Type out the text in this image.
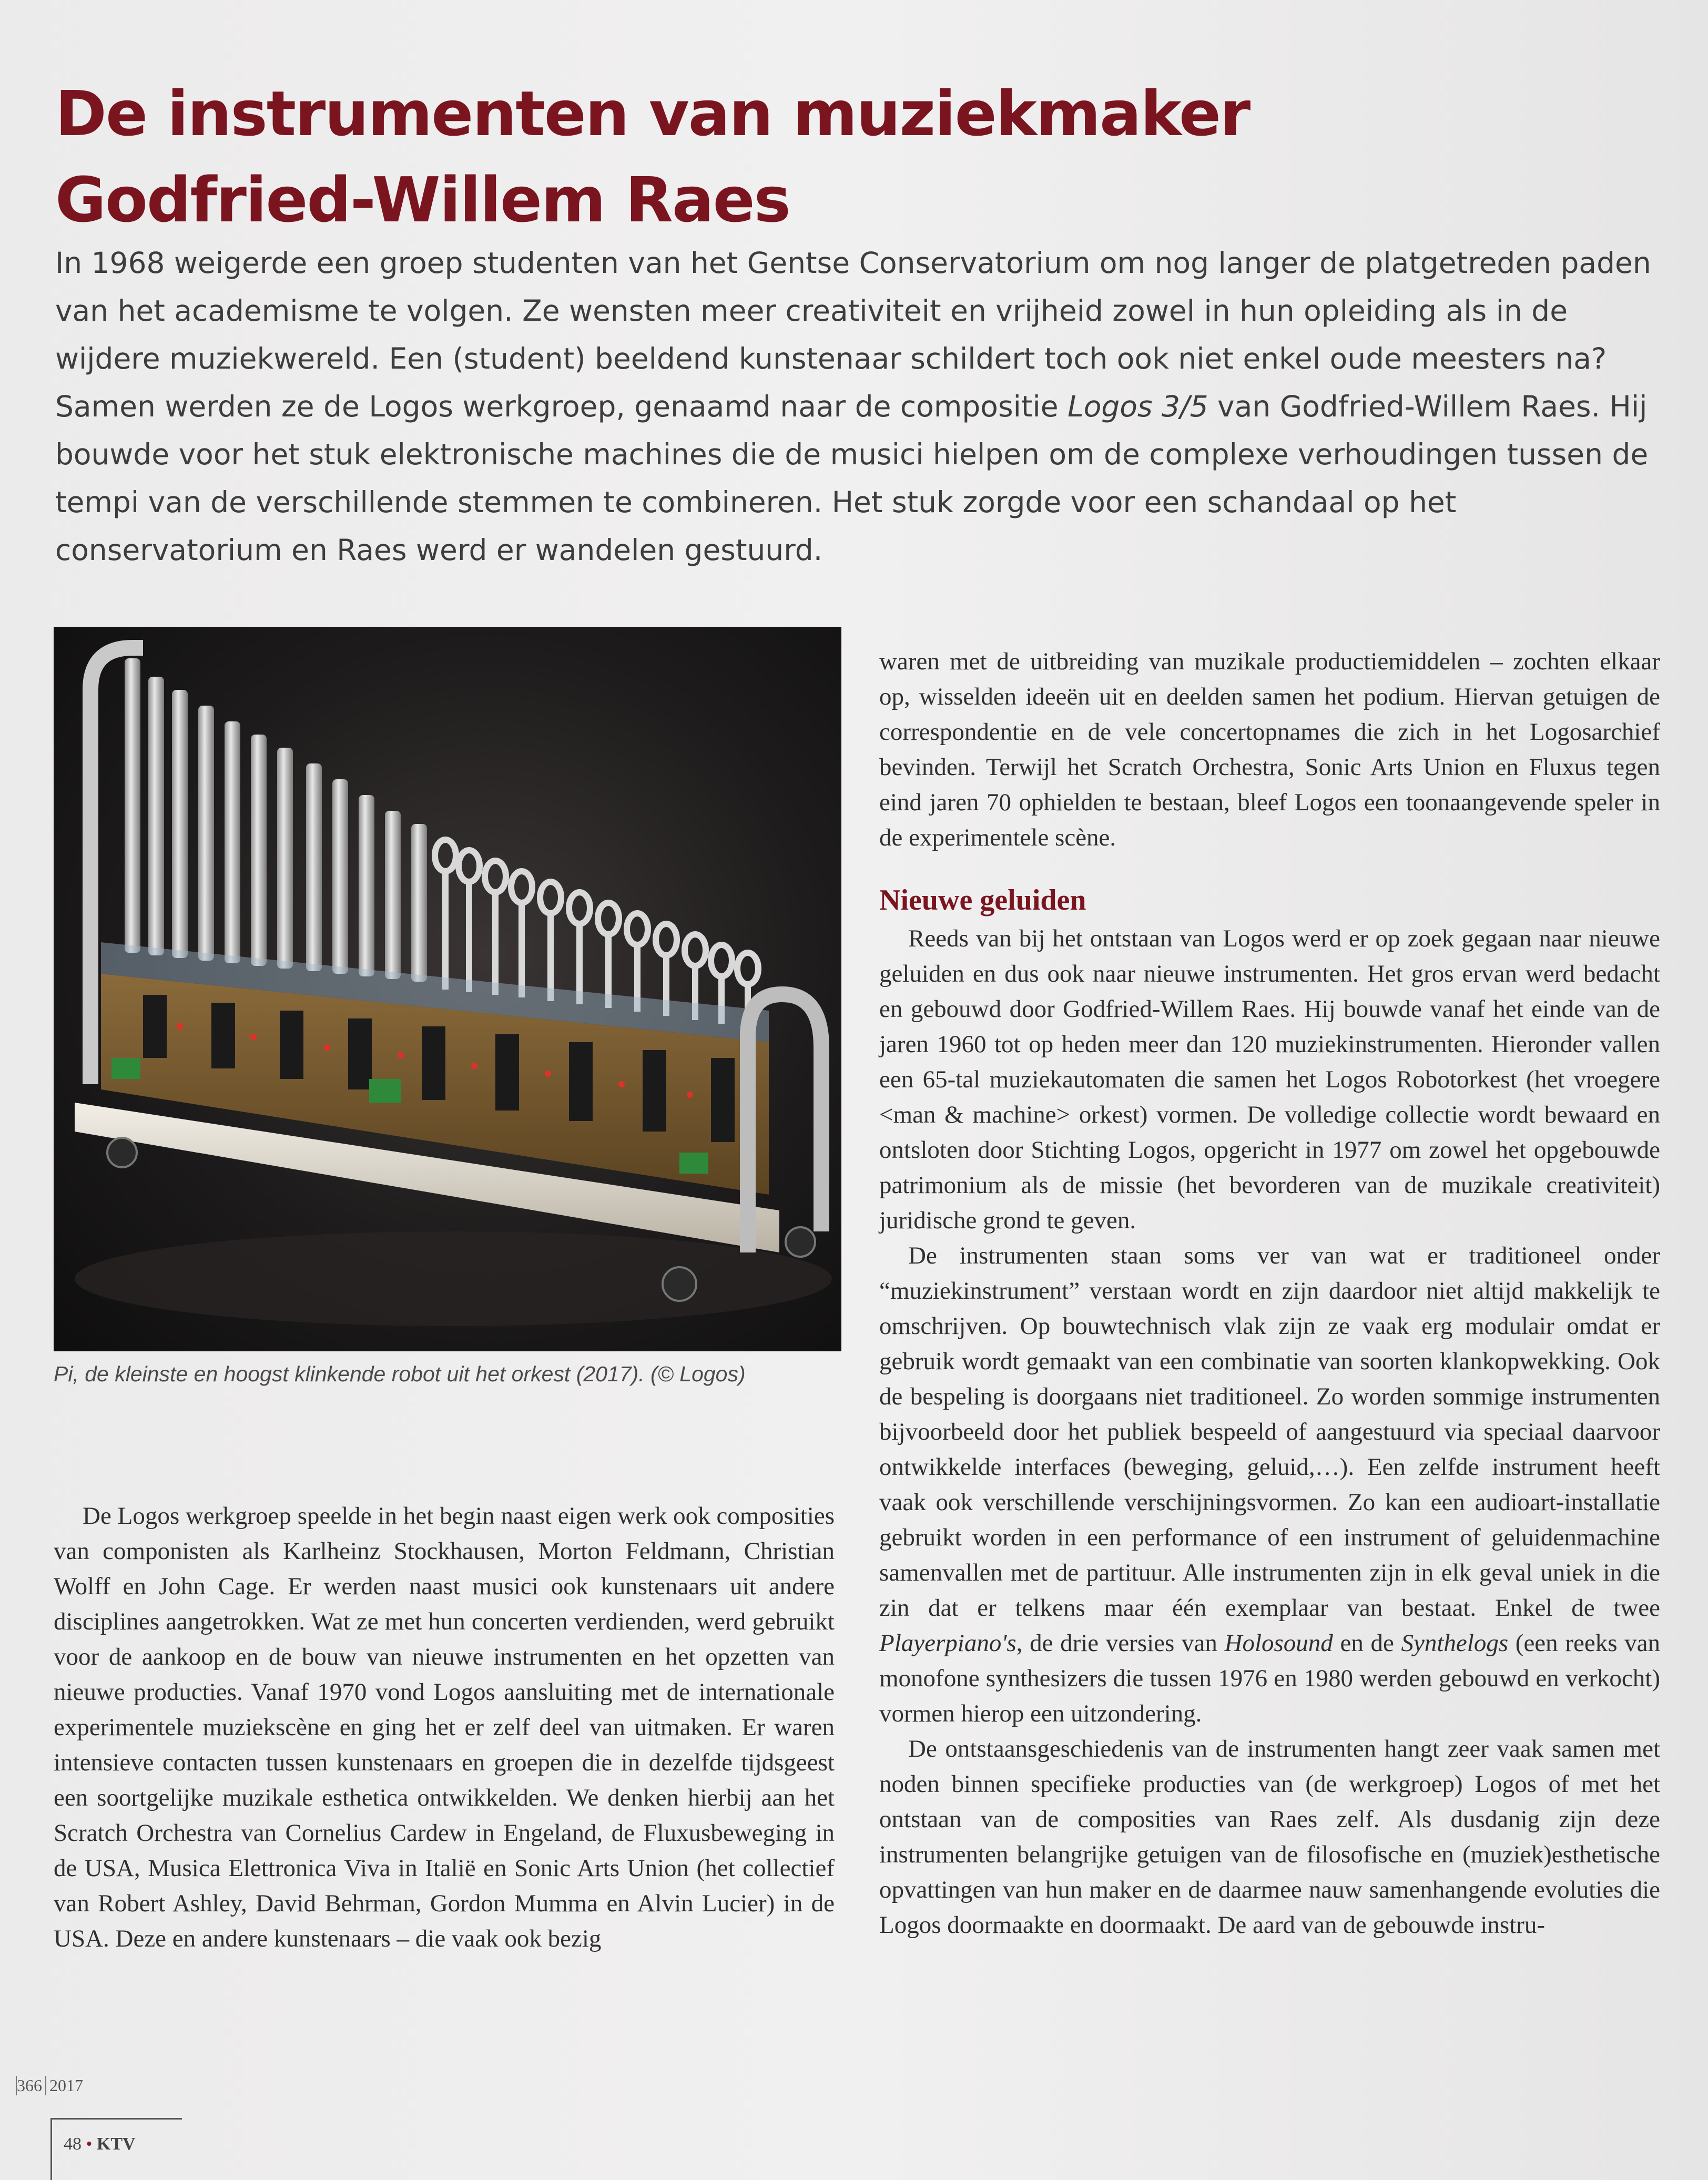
De instrumenten van muziekmaker
Godfried-Willem Raes
In 1968 weigerde een groep studenten van het Gentse Conservatorium om nog langer de platgetreden paden van het academisme te volgen. Ze wensten meer creativiteit en vrijheid zowel in hun opleiding als in de wijdere muziekwereld. Een (student) beeldend kunstenaar schildert toch ook niet enkel oude meesters na? Samen werden ze de Logos werkgroep, genaamd naar de compositie Logos 3/5 van Godfried-Willem Raes. Hij bouwde voor het stuk elektronische machines die de musici hielpen om de complexe verhoudingen tussen de tempi van de verschillende stemmen te combineren. Het stuk zorgde voor een schandaal op het conservatorium en Raes werd er wandelen gestuurd.
Pi, de kleinste en hoogst klinkende robot uit het orkest (2017). (© Logos)

De Logos werkgroep speelde in het begin naast eigen werk ook composities van componisten als Karlheinz Stockhausen, Morton Feldmann, Christian Wolff en John Cage. Er werden naast musici ook kunstenaars uit andere disciplines aangetrokken. Wat ze met hun concerten verdienden, werd gebruikt voor de aankoop en de bouw van nieuwe instrumenten en het opzetten van nieuwe producties. Vanaf 1970 vond Logos aansluiting met de internationale experimentele muziekscène en ging het er zelf deel van uitmaken. Er waren intensieve contacten tussen kunstenaars en groepen die in dezelfde tijdsgeest een soortgelijke muzikale esthetica ontwikkelden. We denken hierbij aan het Scratch Orchestra van Cornelius Cardew in Engeland, de Fluxusbeweging in de USA, Musica Elettronica Viva in Italië en Sonic Arts Union (het collectief van Robert Ashley, David Behrman, Gordon Mumma en Alvin Lucier) in de USA. Deze en andere kunstenaars – die vaak ook bezig

waren met de uitbreiding van muzikale productiemiddelen – zochten elkaar op, wisselden ideeën uit en deelden samen het podium. Hiervan getuigen de correspondentie en de vele concertopnames die zich in het Logosarchief bevinden. Terwijl het Scratch Orchestra, Sonic Arts Union en Fluxus tegen eind jaren 70 ophielden te bestaan, bleef Logos een toonaangevende speler in de experimentele scène.

Nieuwe geluiden

Reeds van bij het ontstaan van Logos werd er op zoek gegaan naar nieuwe geluiden en dus ook naar nieuwe instrumenten. Het gros ervan werd bedacht en gebouwd door Godfried-Willem Raes. Hij bouwde vanaf het einde van de jaren 1960 tot op heden meer dan 120 muziekinstrumenten. Hieronder vallen een 65-tal muziekautomaten die samen het Logos Robotorkest (het vroegere <man & machine> orkest) vormen. De volledige collectie wordt bewaard en ontsloten door Stichting Logos, opgericht in 1977 om zowel het opgebouwde patrimonium als de missie (het bevorderen van de muzikale creativiteit) juridische grond te geven.

De instrumenten staan soms ver van wat er traditioneel onder “muziekinstrument” verstaan wordt en zijn daardoor niet altijd makkelijk te omschrijven. Op bouwtechnisch vlak zijn ze vaak erg modulair omdat er gebruik wordt gemaakt van een combinatie van soorten klankopwekking. Ook de bespeling is doorgaans niet traditioneel. Zo worden sommige instrumenten bijvoorbeeld door het publiek bespeeld of aangestuurd via speciaal daarvoor ontwikkelde interfaces (beweging, geluid,…). Een zelfde instrument heeft vaak ook verschillende verschijningsvormen. Zo kan een audioart-installatie gebruikt worden in een performance of een instrument of geluidenmachine samenvallen met de partituur. Alle instrumenten zijn in elk geval uniek in die zin dat er telkens maar één exemplaar van bestaat. Enkel de twee Playerpiano's, de drie versies van Holosound en de Synthelogs (een reeks van monofone synthesizers die tussen 1976 en 1980 werden gebouwd en verkocht) vormen hierop een uitzondering.

De ontstaansgeschiedenis van de instrumenten hangt zeer vaak samen met noden binnen specifieke producties van (de werkgroep) Logos of met het ontstaan van de composities van Raes zelf. Als dusdanig zijn deze instrumenten belangrijke getuigen van de filosofische en (muziek)esthetische opvattingen van hun maker en de daarmee nauw samenhangende evoluties die Logos doormaakte en doormaakt. De aard van de gebouwde instru-

366 2017
48 • KTV
